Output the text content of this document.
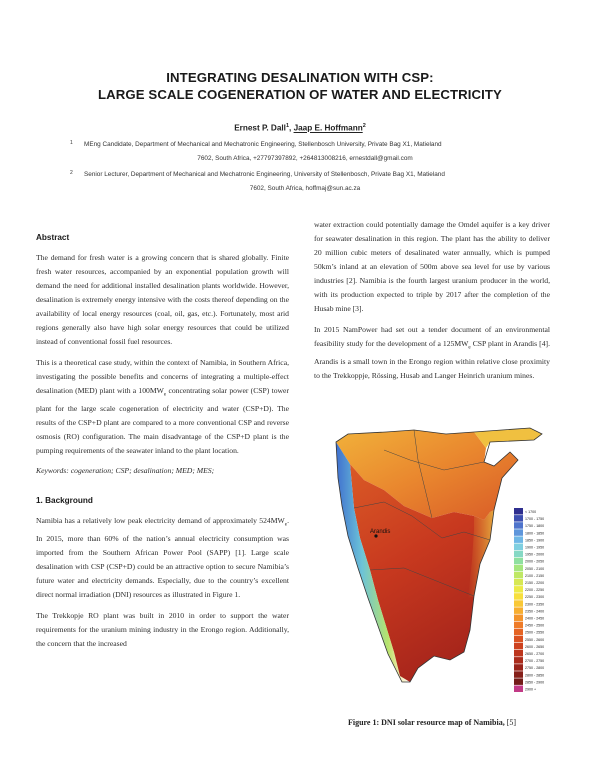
INTEGRATING DESALINATION WITH CSP:
LARGE SCALE COGENERATION OF WATER AND ELECTRICITY
Ernest P. Dall$^1$, Jaap E. Hoffmann$^2$
1	MEng Candidate, Department of Mechanical and Mechatronic Engineering, Stellenbosch University, Private Bag X1, Matieland
7602, South Africa, +27797397892, +264813008216, ernestdall@gmail.com
2	Senior Lecturer, Department of Mechanical and Mechatronic Engineering, University of Stellenbosch, Private Bag X1, Matieland
7602, South Africa, hoffmaj@sun.ac.za
Abstract

The demand for fresh water is a growing concern that is shared globally. Finite fresh water resources, accompanied by an exponential population growth will demand the need for additional installed desalination plants worldwide. However, desalination is extremely energy intensive with the costs thereof depending on the availability of local energy resources (coal, oil, gas, etc.). Fortunately, most arid regions generally also have high solar energy resources that could be utilized instead of conventional fossil fuel resources.

This is a theoretical case study, within the context of Namibia, in Southern Africa, investigating the possible benefits and concerns of integrating a multiple-effect desalination (MED) plant with a $100MW_e$ concentrating solar power (CSP) tower plant for the large scale cogeneration of electricity and water (CSP+D). The results of the CSP+D plant are compared to a more conventional CSP and reverse osmosis (RO) configuration. The main disadvantage of the CSP+D plant is the pumping requirements of the seawater inland to the plant location.

Keywords: cogeneration; CSP; desalination; MED; MES;

1. Background

Namibia has a relatively low peak electricity demand of approximately $524MW_e$. In 2015, more than 60% of the nation’s annual electricity consumption was imported from the Southern African Power Pool (SAPP) [1]. Large scale desalination with CSP (CSP+D) could be an attractive option to secure Namibia’s future water and electricity demands. Especially, due to the country’s excellent direct normal irradiation (DNI) resources as illustrated in Figure 1.

The Trekkopje RO plant was built in 2010 in order to support the water requirements for the uranium mining industry in the Erongo region. Additionally, the concern that the increased

water extraction could potentially damage the Omdel aquifer is a key driver for seawater desalination in this region. The plant has the ability to deliver 20 million cubic meters of desalinated water annually, which is pumped 50km’s inland at an elevation of 500m above sea level for use by various industries [2]. Namibia is the fourth largest uranium producer in the world, with its production expected to triple by 2017 after the completion of the Husab mine [3].

In 2015 NamPower had set out a tender document of an environmental feasibility study for the development of a $125MW_e$ CSP plant in Arandis [4]. Arandis is a small town in the Erongo region within relative close proximity to the Trekkoppje, Rössing, Husab and Langer Heinrich uranium mines.

Arandis
< 1700
1700 - 1750
1750 - 1800
1800 - 1850
1850 - 1900
1900 - 1950
1950 - 2000
2000 - 2050
2050 - 2100
2100 - 2150
2150 - 2200
2200 - 2250
2250 - 2300
2300 - 2350
2350 - 2400
2400 - 2450
2450 - 2500
2500 - 2550
2550 - 2600
2600 - 2650
2650 - 2700
2700 - 2750
2750 - 2800
2800 - 2850
2850 - 2900
2900 +
Figure 1: DNI solar resource map of Namibia, [5]
